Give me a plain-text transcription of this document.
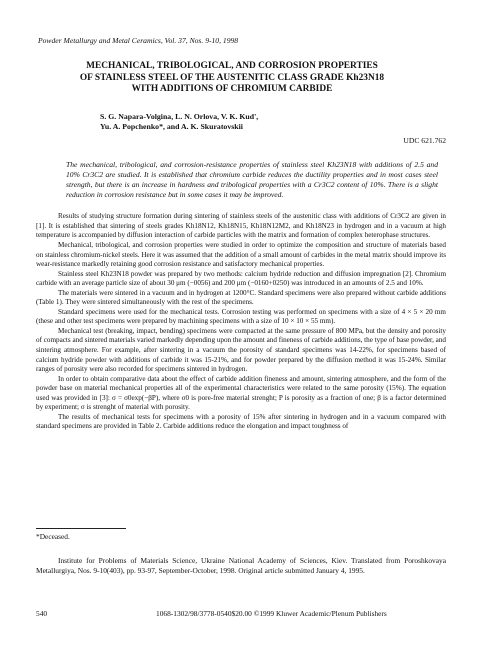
Powder Metallurgy and Metal Ceramics, Vol. 37, Nos. 9-10, 1998
MECHANICAL, TRIBOLOGICAL, AND CORROSION PROPERTIES
OF STAINLESS STEEL OF THE AUSTENITIC CLASS GRADE Kh23N18
WITH ADDITIONS OF CHROMIUM CARBIDE
S. G. Napara-Volgina, L. N. Orlova, V. K. Kud',
Yu. A. Popchenko*, and A. K. Skuratovskii
UDC 621.762
The mechanical, tribological, and corrosion-resistance properties of stainless steel Kh23N18 with additions of 2.5 and 10% Cr3C2 are studied. It is established that chromium carbide reduces the ductility properties and in most cases steel strength, but there is an increase in hardness and tribological properties with a Cr3C2 content of 10%. There is a slight reduction in corrosion resistance but in some cases it may be improved.

Results of studying structure formation during sintering of stainless steels of the austenitic class with additions of Cr3C2 are given in [1]. It is established that sintering of steels grades Kh18N12, Kh18N15, Kh18N12M2, and Kh18N23 in hydrogen and in a vacuum at high temperature is accompanied by diffusion interaction of carbide particles with the matrix and formation of complex heterophase structures.

Mechanical, tribological, and corrosion properties were studied in order to optimize the composition and structure of materials based on stainless chromium-nickel steels. Here it was assumed that the addition of a small amount of carbides in the metal matrix should improve its wear-resistance markedly retaining good corrosion resistance and satisfactory mechanical properties.

Stainless steel Kh23N18 powder was prepared by two methods: calcium hydride reduction and diffusion impregnation [2]. Chromium carbide with an average particle size of about 30 μm (−0056) and 200 μm (−0160+0250) was introduced in an amounts of 2.5 and 10%.

The materials were sintered in a vacuum and in hydrogen at 1200°C. Standard specimens were also prepared without carbide additions (Table 1). They were sintered simultaneously with the rest of the specimens.

Standard specimens were used for the mechanical tests. Corrosion testing was performed on specimens with a size of 4 × 5 × 20 mm (these and other test specimens were prepared by machining specimens with a size of 10 × 10 × 55 mm).

Mechanical test (breaking, impact, bending) specimens were compacted at the same pressure of 800 MPa, but the density and porosity of compacts and sintered materials varied markedly depending upon the amount and fineness of carbide additions, the type of base powder, and sintering atmosphere. For example, after sintering in a vacuum the porosity of standard specimens was 14-22%, for specimens based of calcium hydride powder with additions of carbide it was 15-21%, and for powder prepared by the diffusion method it was 15-24%. Similar ranges of porosity were also recorded for specimens sintered in hydrogen.

In order to obtain comparative data about the effect of carbide addition fineness and amount, sintering atmosphere, and the form of the powder base on material mechanical properties all of the experimental characteristics were related to the same porosity (15%). The equation used was provided in [3]: σ = σ0exp(−βP), where σ0 is pore-free material strenght; P is porosity as a fraction of one; β is a factor determined by experiment; σ is strenght of material with porosity.

The results of mechanical tests for specimens with a porosity of 15% after sintering in hydrogen and in a vacuum compared with standard specimens are provided in Table 2. Carbide additions reduce the elongation and impact toughness of

*Deceased.
Institute for Problems of Materials Science, Ukraine National Academy of Sciences, Kiev. Translated from Poroshkovaya Metallurgiya, Nos. 9-10(403), pp. 93-97, September-October, 1998. Original article submitted January 4, 1995.
540	1068-1302/98/3778-0540$20.00 ©1999 Kluwer Academic/Plenum Publishers
